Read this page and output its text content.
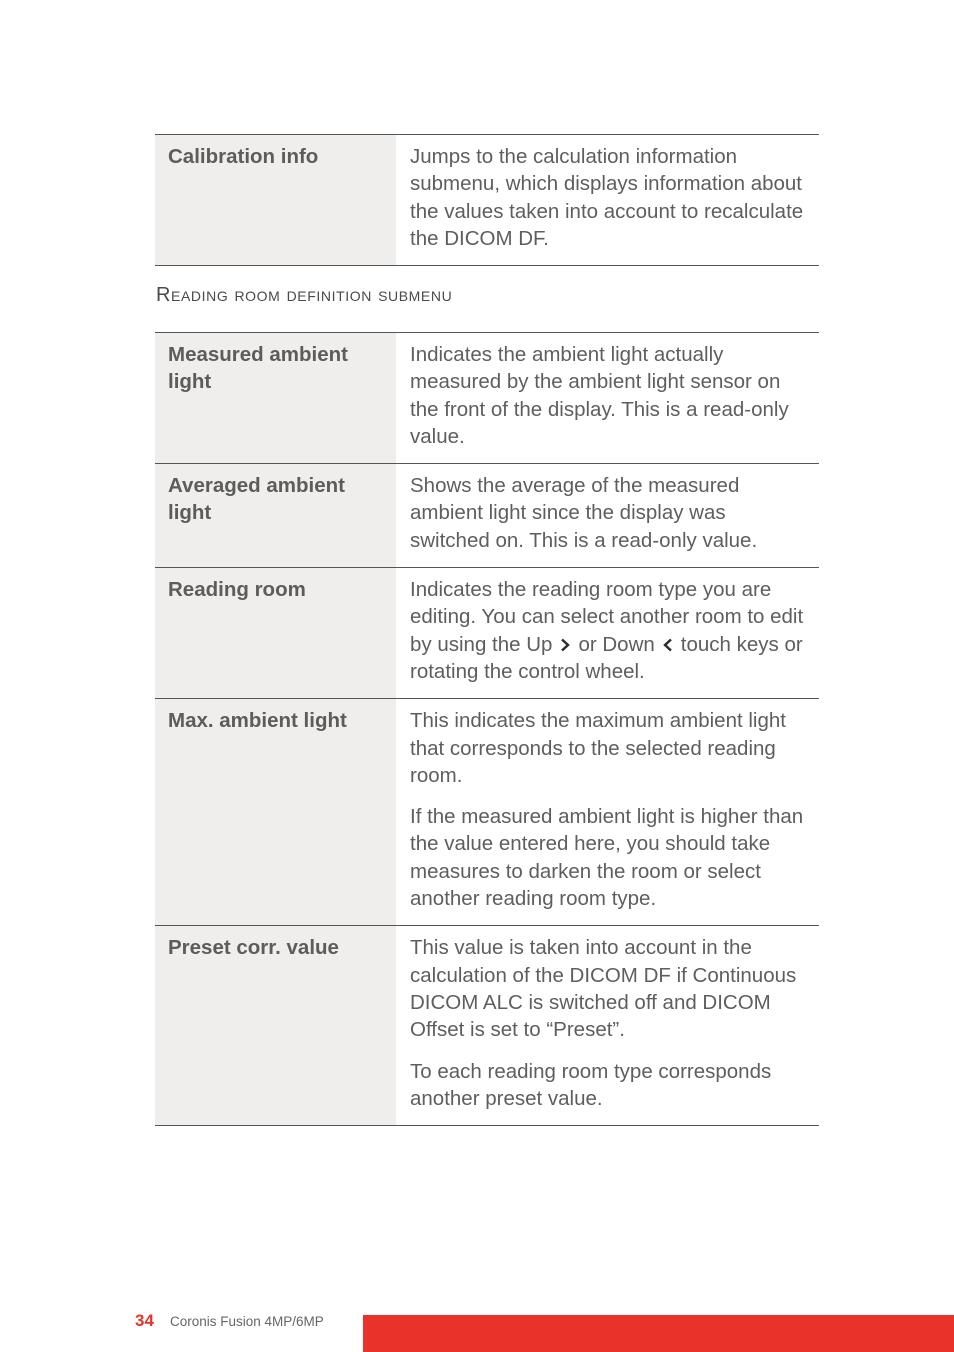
Calibration info	Jumps to the calculation information submenu, which displays information about the values taken into account to recalculate the DICOM DF.

Reading room definition submenu
Measured ambient light	Indicates the ambient light actually measured by the ambient light sensor on the front of the display. This is a read-only value.

Averaged ambient light	Shows the average of the measured ambient light since the display was switched on. This is a read-only value.

Reading room	Indicates the reading room type you are editing. You can select another room to edit by using the Up or Down touch keys or rotating the control wheel.

Max. ambient light	This indicates the maximum ambient light that corresponds to the selected reading room.

If the measured ambient light is higher than the value entered here, you should take measures to darken the room or select another reading room type.

Preset corr. value	This value is taken into account in the calculation of the DICOM DF if Continuous DICOM ALC is switched off and DICOM Offset is set to “Preset”.

To each reading room type corresponds another preset value.

34 Coronis Fusion 4MP/6MP
